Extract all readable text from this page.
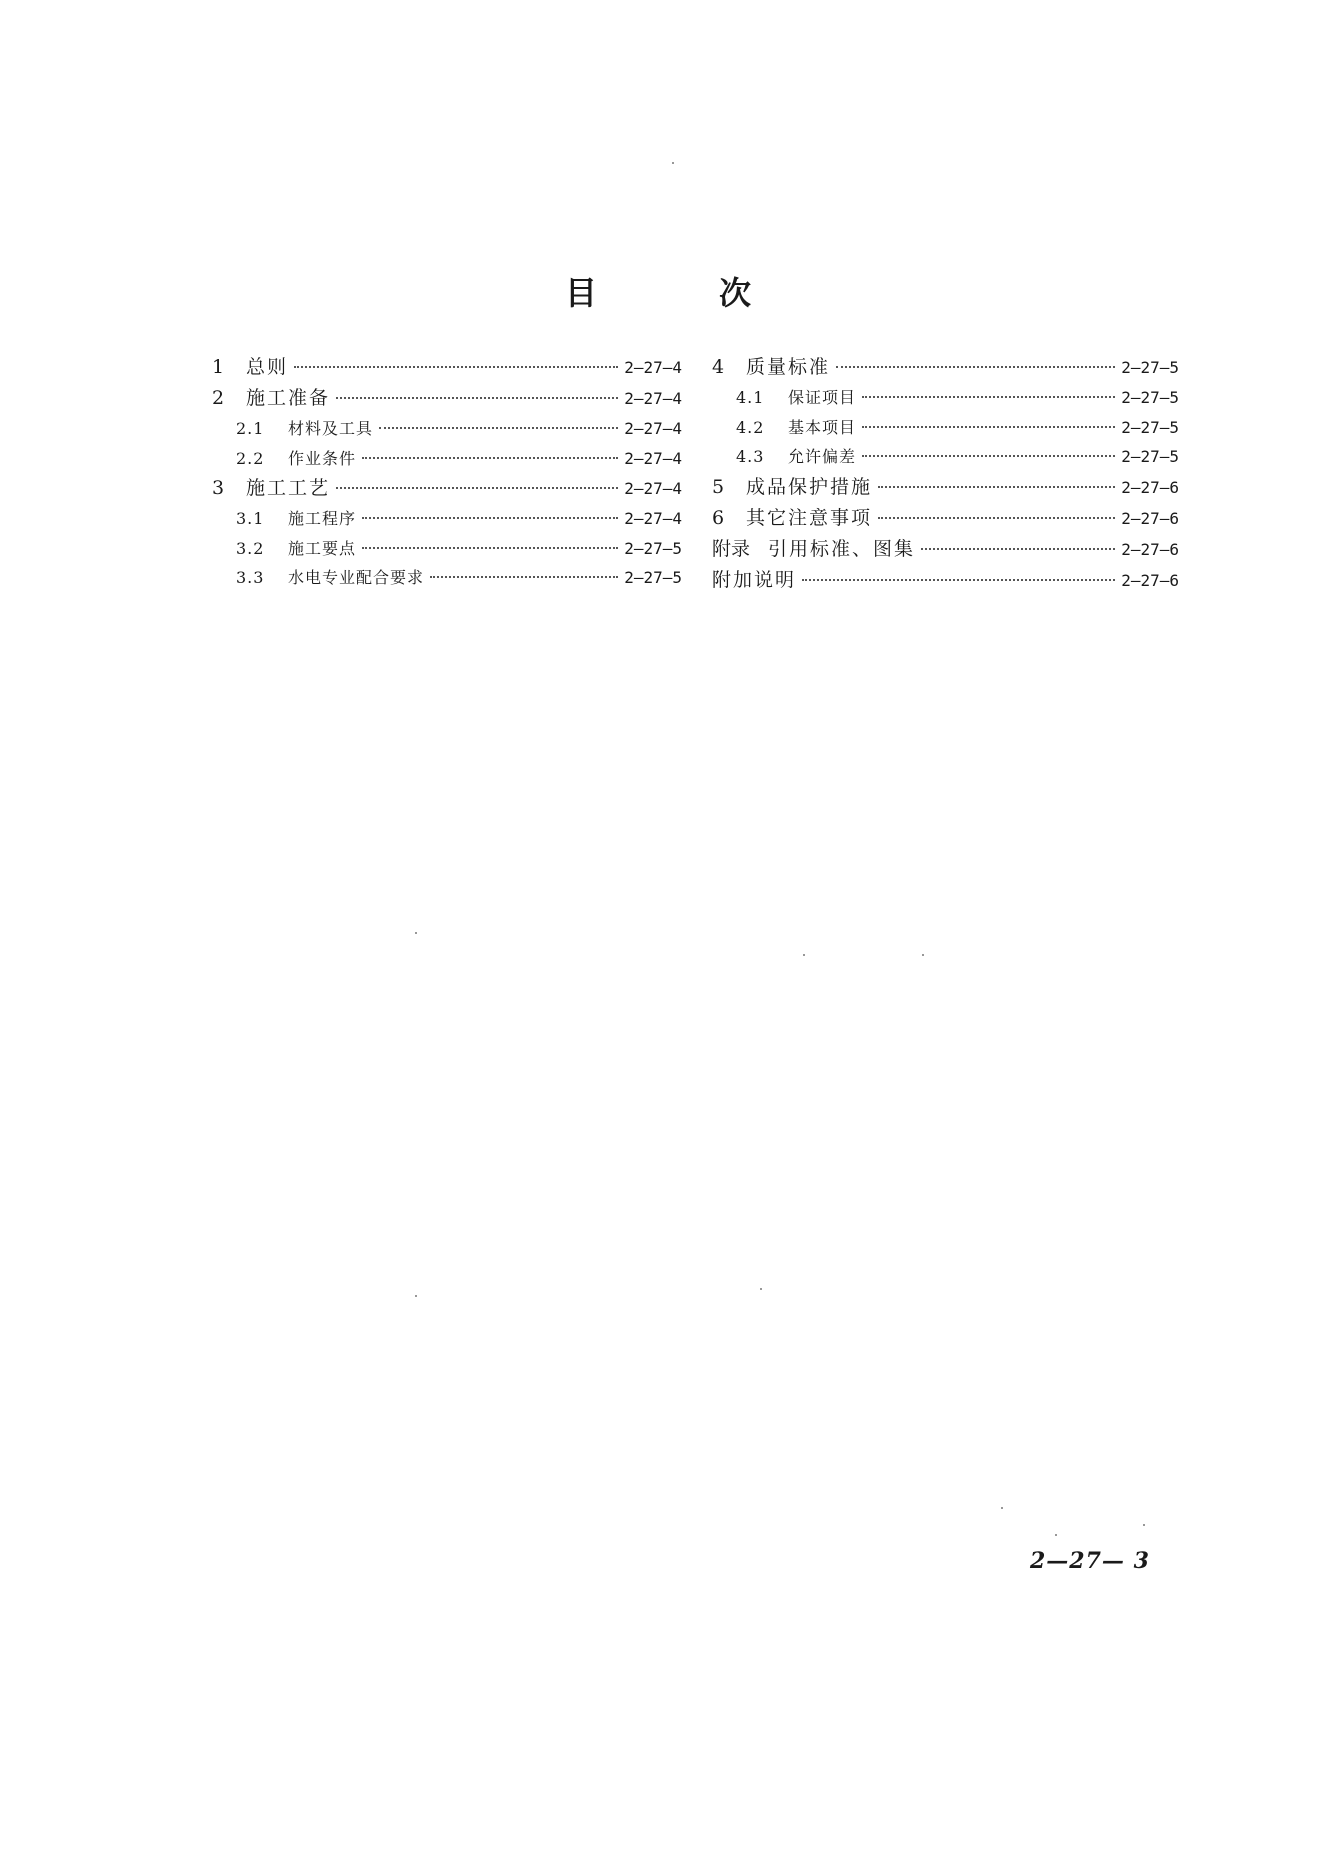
目	次
1 总则	2—27—4
2 施工准备	2—27—4
2.1 材料及工具	2—27—4
2.2 作业条件	2—27—4
3 施工工艺	2—27—4
3.1 施工程序	2—27—4
3.2 施工要点	2—27—5
3.3 水电专业配合要求	2—27—5
4 质量标准	2—27—5
4.1 保证项目	2—27—5
4.2 基本项目	2—27—5
4.3 允许偏差	2—27—5
5 成品保护措施	2—27—6
6 其它注意事项	2—27—6
附录 引用标准、图集	2—27—6
附加说明	2—27—6
2—27— 3
